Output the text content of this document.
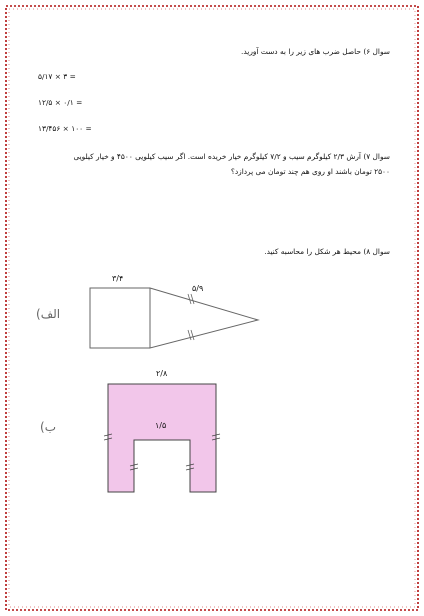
سوال ۶) حاصل ضرب های زیر را به دست آورید.
۵/۱۷ × ۳ =
۱۲/۵ × ۰/۱ =
۱۳/۴۵۶ × ۱۰۰ =
سوال ۷) آرش ۲/۳ کیلوگرم سیب و ۷/۲ کیلوگرم خیار خریده است. اگر سیب کیلویی ۴۵۰۰ و خیار کیلویی
۲۵۰۰ تومان باشند او روی هم چند تومان می پردازد؟
سوال ۸) محیط هر شکل را محاسبه کنید.
۳/۴
۵/۹
(الف
۲/۸
۱/۵
(ب
